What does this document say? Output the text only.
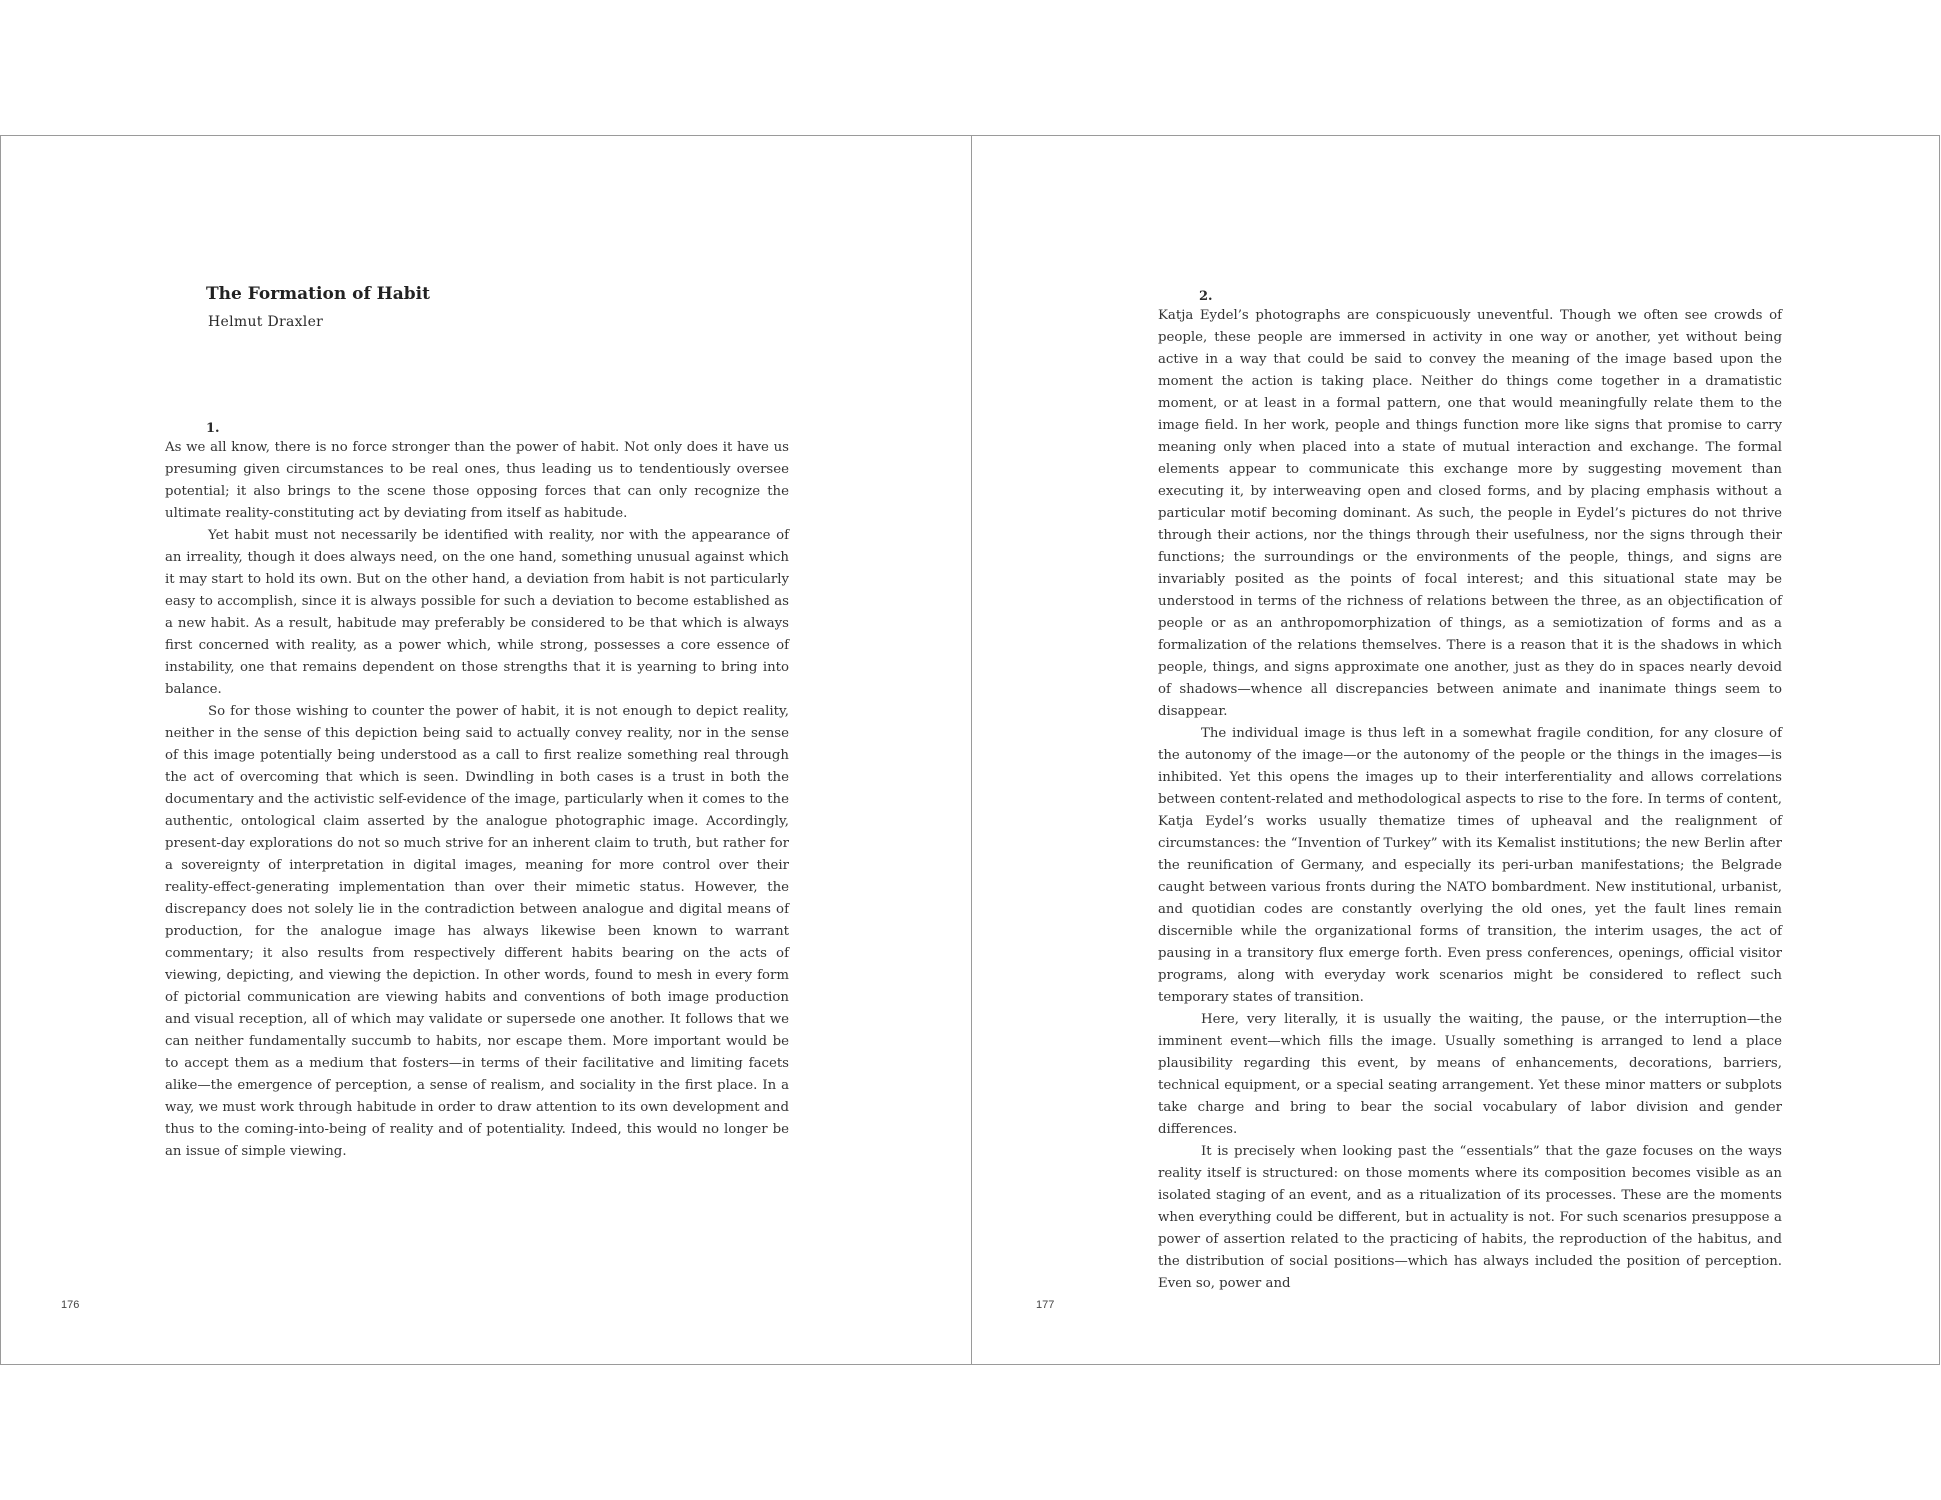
The Formation of Habit
Helmut Draxler
1.

As we all know, there is no force stronger than the power of habit. Not only does it have us presuming given circumstances to be real ones, thus leading us to tendentiously oversee potential; it also brings to the scene those opposing forces that can only recognize the ultimate reality-constituting act by deviating from itself as habitude.

Yet habit must not necessarily be identified with reality, nor with the appearance of an irreality, though it does always need, on the one hand, something unusual against which it may start to hold its own. But on the other hand, a deviation from habit is not particularly easy to accomplish, since it is always possible for such a deviation to become established as a new habit. As a result, habitude may preferably be considered to be that which is always first concerned with reality, as a power which, while strong, possesses a core essence of instability, one that remains dependent on those strengths that it is yearning to bring into balance.

So for those wishing to counter the power of habit, it is not enough to depict reality, neither in the sense of this depiction being said to actually convey reality, nor in the sense of this image potentially being understood as a call to first realize something real through the act of overcoming that which is seen. Dwindling in both cases is a trust in both the documentary and the activistic self-evidence of the image, particularly when it comes to the authentic, ontological claim asserted by the analogue photographic image. Accordingly, present-day explorations do not so much strive for an inherent claim to truth, but rather for a sovereignty of interpretation in digital images, meaning for more control over their reality-effect-generating implementation than over their mimetic status. However, the discrepancy does not solely lie in the contradiction between analogue and digital means of production, for the analogue image has always likewise been known to warrant commentary; it also results from respectively different habits bearing on the acts of viewing, depicting, and viewing the depiction. In other words, found to mesh in every form of pictorial communication are viewing habits and conventions of both image production and visual reception, all of which may validate or supersede one another. It follows that we can neither fundamentally succumb to habits, nor escape them. More important would be to accept them as a medium that fosters—in terms of their facilitative and limiting facets alike—the emergence of perception, a sense of realism, and sociality in the first place. In a way, we must work through habitude in order to draw attention to its own development and thus to the coming-into-being of reality and of potentiality. Indeed, this would no longer be an issue of simple viewing.

176
2.

Katja Eydel’s photographs are conspicuously uneventful. Though we often see crowds of people, these people are immersed in activity in one way or another, yet without being active in a way that could be said to convey the meaning of the image based upon the moment the action is taking place. Neither do things come together in a dramatistic moment, or at least in a formal pattern, one that would meaningfully relate them to the image field. In her work, people and things function more like signs that promise to carry meaning only when placed into a state of mutual interaction and exchange. The formal elements appear to communicate this exchange more by suggesting movement than executing it, by interweaving open and closed forms, and by placing emphasis without a particular motif becoming dominant. As such, the people in Eydel’s pictures do not thrive through their actions, nor the things through their usefulness, nor the signs through their functions; the surroundings or the environments of the people, things, and signs are invariably posited as the points of focal interest; and this situational state may be understood in terms of the richness of relations between the three, as an objectification of people or as an anthropomorphization of things, as a semiotization of forms and as a formalization of the relations themselves. There is a reason that it is the shadows in which people, things, and signs approximate one another, just as they do in spaces nearly devoid of shadows—whence all discrepancies between animate and inanimate things seem to disappear.

The individual image is thus left in a somewhat fragile condition, for any closure of the autonomy of the image—or the autonomy of the people or the things in the images—is inhibited. Yet this opens the images up to their interferentiality and allows correlations between content-related and methodological aspects to rise to the fore. In terms of content, Katja Eydel’s works usually thematize times of upheaval and the realignment of circumstances: the “Invention of Turkey” with its Kemalist institutions; the new Berlin after the reunification of Germany, and especially its peri-urban manifestations; the Belgrade caught between various fronts during the NATO bombardment. New institutional, urbanist, and quotidian codes are constantly overlying the old ones, yet the fault lines remain discernible while the organizational forms of transition, the interim usages, the act of pausing in a transitory flux emerge forth. Even press conferences, openings, official visitor programs, along with everyday work scenarios might be considered to reflect such temporary states of transition.

Here, very literally, it is usually the waiting, the pause, or the interruption—the imminent event—which fills the image. Usually something is arranged to lend a place plausibility regarding this event, by means of enhancements, decorations, barriers, technical equipment, or a special seating arrangement. Yet these minor matters or subplots take charge and bring to bear the social vocabulary of labor division and gender differences.

It is precisely when looking past the “essentials” that the gaze focuses on the ways reality itself is structured: on those moments where its composition becomes visible as an isolated staging of an event, and as a ritualization of its processes. These are the moments when everything could be different, but in actuality is not. For such scenarios presuppose a power of assertion related to the practicing of habits, the reproduction of the habitus, and the distribution of social positions—which has always included the position of perception. Even so, power and

177
